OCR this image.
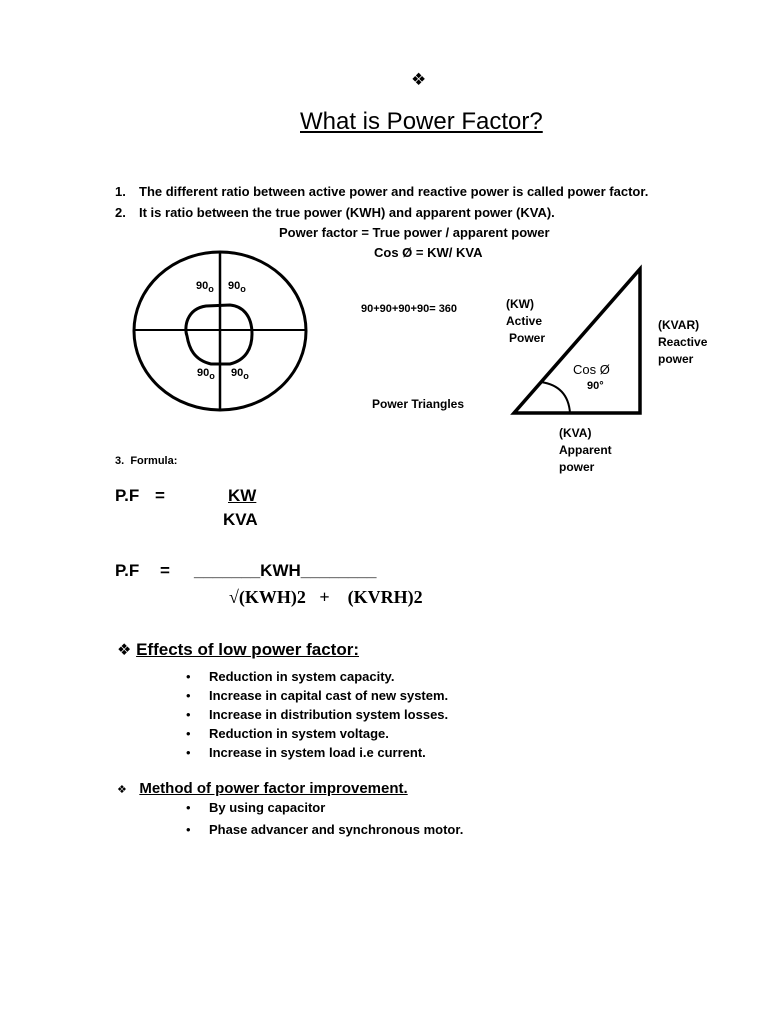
❖
What is Power Factor?
1. The different ratio between active power and reactive power is called power factor.
2. It is ratio between the true power (KWH) and apparent power (KVA).
Power factor = True power / apparent power
Cos Ø = KW/ KVA
$90_o$ $90_o$
$90_o$ $90_o$
90+90+90+90= 360
Power Triangles
(KW)
Active
Power
(KVAR)
Reactive
power
(KVA)
Apparent
power
Cos Ø
90°
3. Formula:
P.F =	KW
KVA
P.F = _______KWH________
√(KWH)2   +    (KVRH)2
❖ Effects of low power factor:
• Reduction in system capacity.
• Increase in capital cast of new system.
• Increase in distribution system losses.
• Reduction in system voltage.
• Increase in system load i.e current.
❖ Method of power factor improvement.
• By using capacitor
• Phase advancer and synchronous motor.
